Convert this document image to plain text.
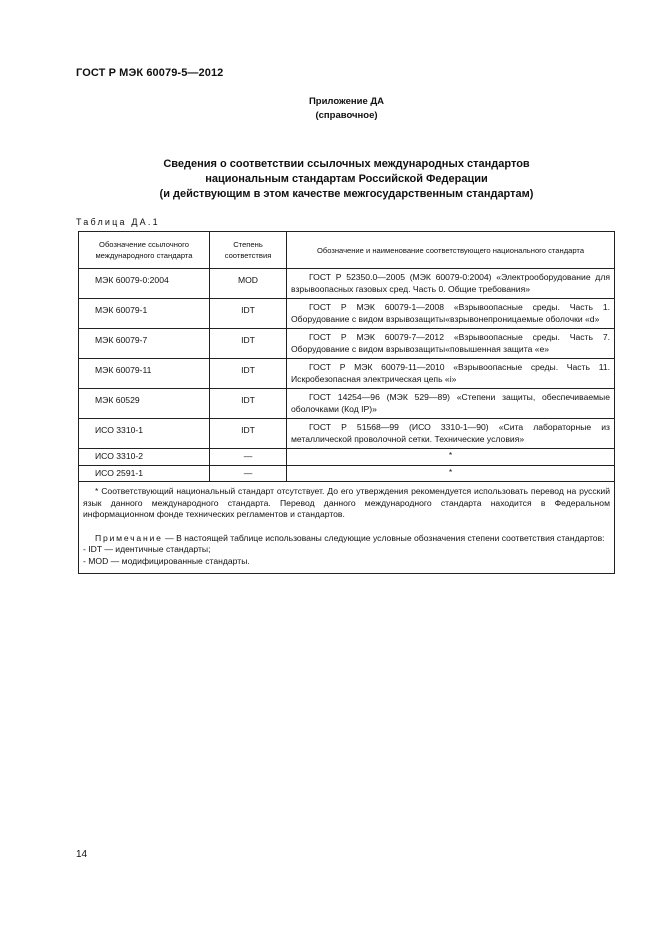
ГОСТ Р МЭК 60079-5—2012
Приложение ДА
(справочное)
Сведения о соответствии ссылочных международных стандартов
национальным стандартам Российской Федерации
(и действующим в этом качестве межгосударственным стандартам)
Таблица ДА.1
Обозначение ссылочного международного стандарта	Степень соответствия	Обозначение и наименование соответствующего национального стандарта
МЭК 60079-0:2004	MOD	ГОСТ Р 52350.0—2005 (МЭК 60079-0:2004) «Электрооборудование для взрывоопасных газовых сред. Часть 0. Общие требования»
МЭК 60079-1	IDT	ГОСТ Р МЭК 60079-1—2008 «Взрывоопасные среды. Часть 1. Оборудование с видом взрывозащиты«взрывонепроницаемые оболочки «d»
МЭК 60079-7	IDT	ГОСТ Р МЭК 60079-7—2012 «Взрывоопасные среды. Часть 7. Оборудование с видом взрывозащиты«повышенная защита «е»
МЭК 60079-11	IDT	ГОСТ Р МЭК 60079-11—2010 «Взрывоопасные среды. Часть 11. Искробезопасная электрическая цепь «i»
МЭК 60529	IDT	ГОСТ 14254—96 (МЭК 529—89) «Степени защиты, обеспечиваемые оболочками (Код IP)»
ИСО 3310-1	IDT	ГОСТ Р 51568—99 (ИСО 3310-1—90) «Сита лабораторные из металлической проволочной сетки. Технические условия»
ИСО 3310-2	—	*
ИСО 2591-1	—	*

* Соответствующий национальный стандарт отсутствует. До его утверждения рекомендуется использовать перевод на русский язык данного международного стандарта. Перевод данного международного стандарта находится в Федеральном информационном фонде технических регламентов и стандартов.

Примечание — В настоящей таблице использованы следующие условные обозначения степени соответствия стандартов:

- IDT — идентичные стандарты;

- MOD — модифицированные стандарты.		

14
